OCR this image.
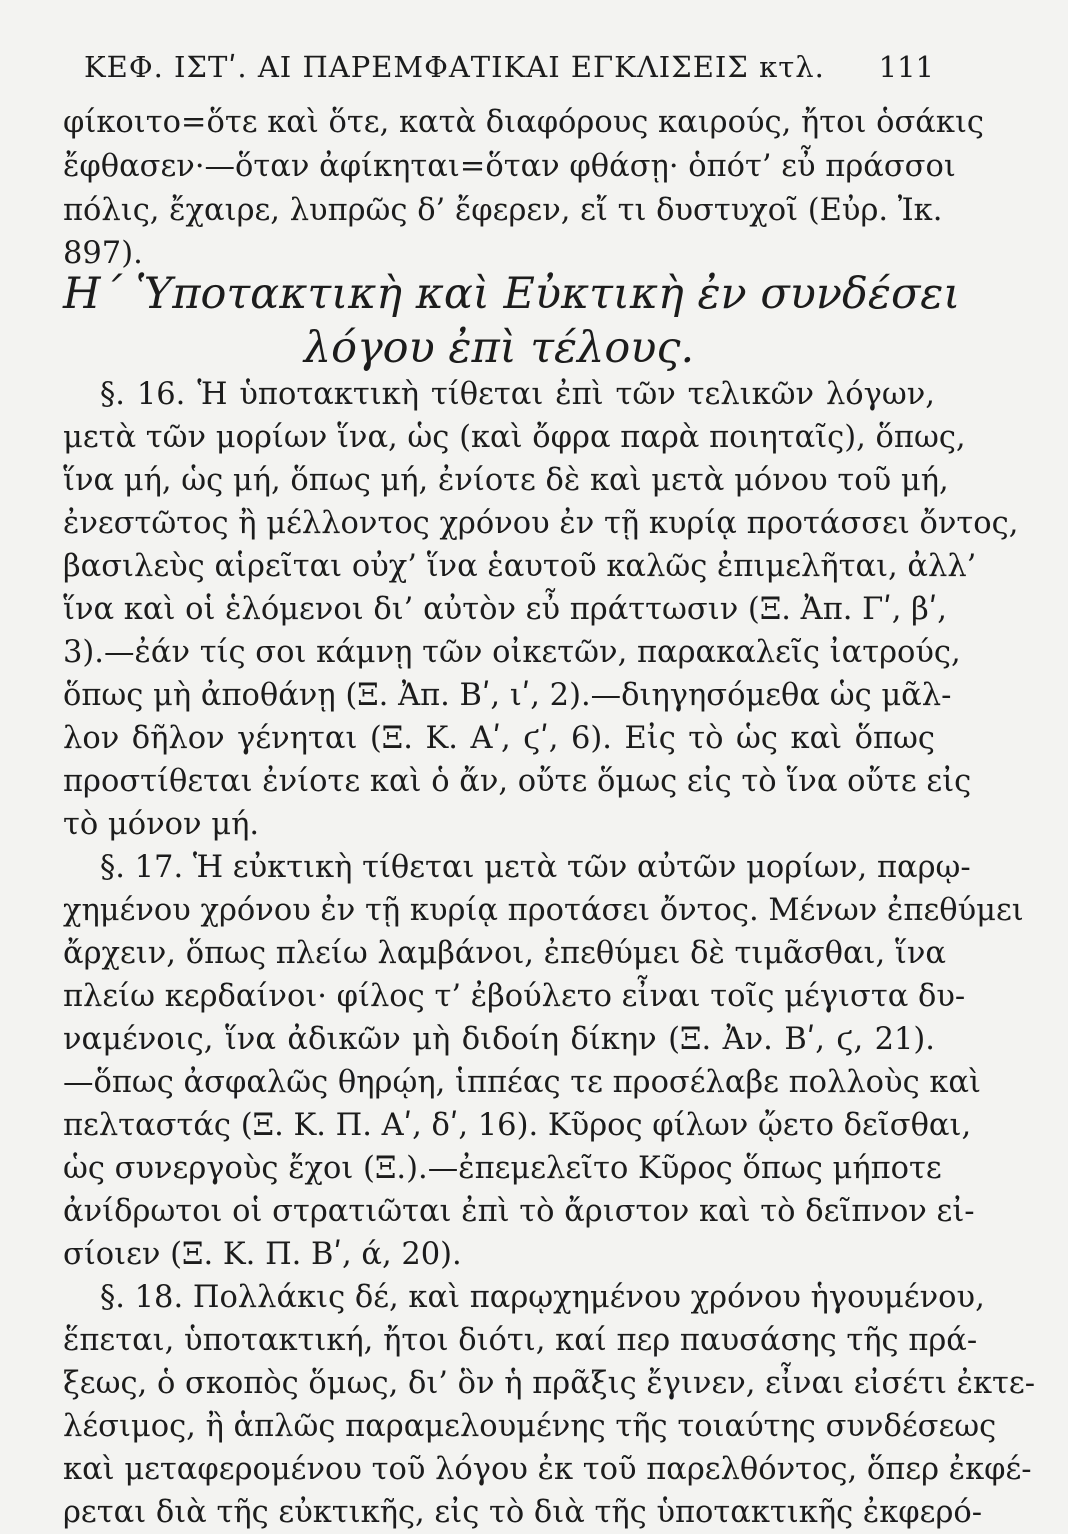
ΚΕΦ. ΙΣΤʹ. ΑΙ ΠΑΡΕΜΦΑΤΙΚΑΙ ΕΓΚΛΙΣΕΙΣ κτλ. 111
φίκοιτο=ὅτε καὶ ὅτε, κατὰ διαφόρους καιρούς, ἤτοι ὁσάκις
ἔφθασεν·—ὅταν ἀφίκηται=ὅταν φθάσῃ· ὁπότ’ εὖ πράσσοι
πόλις, ἔχαιρε, λυπρῶς δ’ ἔφερεν, εἴ τι δυστυχοῖ (Εὐρ. Ἰκ.
897).
Η΄ Ὑποτακτικὴ καὶ Εὐκτικὴ ἐν συνδέσει
λόγου ἐπὶ τέλους.
§. 16. Ἡ ὑποτακτικὴ τίθεται ἐπὶ τῶν τελικῶν λόγων,
μετὰ τῶν μορίων ἵνα, ὡς (καὶ ὄφρα παρὰ ποιηταῖς), ὅπως,
ἵνα μή, ὡς μή, ὅπως μή, ἐνίοτε δὲ καὶ μετὰ μόνου τοῦ μή,
ἐνεστῶτος ἢ μέλλοντος χρόνου ἐν τῇ κυρίᾳ προτάσσει ὄντος,
βασιλεὺς αἱρεῖται οὐχ’ ἵνα ἑαυτοῦ καλῶς ἐπιμελῆται, ἀλλ’
ἵνα καὶ οἱ ἑλόμενοι δι’ αὐτὸν εὖ πράττωσιν (Ξ. Ἀπ. Γʹ, βʹ,
3).—ἐάν τίς σοι κάμνῃ τῶν οἰκετῶν, παρακαλεῖς ἰατρούς,
ὅπως μὴ ἀποθάνῃ (Ξ. Ἀπ. Βʹ, ιʹ, 2).—διηγησόμεθα ὡς μᾶλ-
λον δῆλον γένηται (Ξ. Κ. Αʹ, ϛʹ, 6). Εἰς τὸ ὡς καὶ ὅπως
προστίθεται ἐνίοτε καὶ ὁ ἄν, οὔτε ὅμως εἰς τὸ ἵνα οὔτε εἰς
τὸ μόνον μή.
§. 17. Ἡ εὐκτικὴ τίθεται μετὰ τῶν αὐτῶν μορίων, παρῳ-
χημένου χρόνου ἐν τῇ κυρίᾳ προτάσει ὄντος. Μένων ἐπεθύμει
ἄρχειν, ὅπως πλείω λαμβάνοι, ἐπεθύμει δὲ τιμᾶσθαι, ἵνα
πλείω κερδαίνοι· φίλος τ’ ἐβούλετο εἶναι τοῖς μέγιστα δυ-
ναμένοις, ἵνα ἀδικῶν μὴ διδοίη δίκην (Ξ. Ἀν. Βʹ, ϛ, 21).
—ὅπως ἀσφαλῶς θηρῴη, ἱππέας τε προσέλαβε πολλοὺς καὶ
πελταστάς (Ξ. Κ. Π. Αʹ, δʹ, 16). Κῦρος φίλων ᾤετο δεῖσθαι,
ὡς συνεργοὺς ἔχοι (Ξ.).—ἐπεμελεῖτο Κῦρος ὅπως μήποτε
ἀνίδρωτοι οἱ στρατιῶται ἐπὶ τὸ ἄριστον καὶ τὸ δεῖπνον εἰ-
σίοιεν (Ξ. Κ. Π. Βʹ, ά, 20).
§. 18. Πολλάκις δέ, καὶ παρῳχημένου χρόνου ἡγουμένου,
ἕπεται, ὑποτακτική, ἤτοι διότι, καί περ παυσάσης τῆς πρά-
ξεως, ὁ σκοπὸς ὅμως, δι’ ὃν ἡ πρᾶξις ἔγινεν, εἶναι εἰσέτι ἐκτε-
λέσιμος, ἢ ἁπλῶς παραμελουμένης τῆς τοιαύτης συνδέσεως
καὶ μεταφερομένου τοῦ λόγου ἐκ τοῦ παρελθόντος, ὅπερ ἐκφέ-
ρεται διὰ τῆς εὐκτικῆς, εἰς τὸ διὰ τῆς ὑποτακτικῆς ἐκφερό-
